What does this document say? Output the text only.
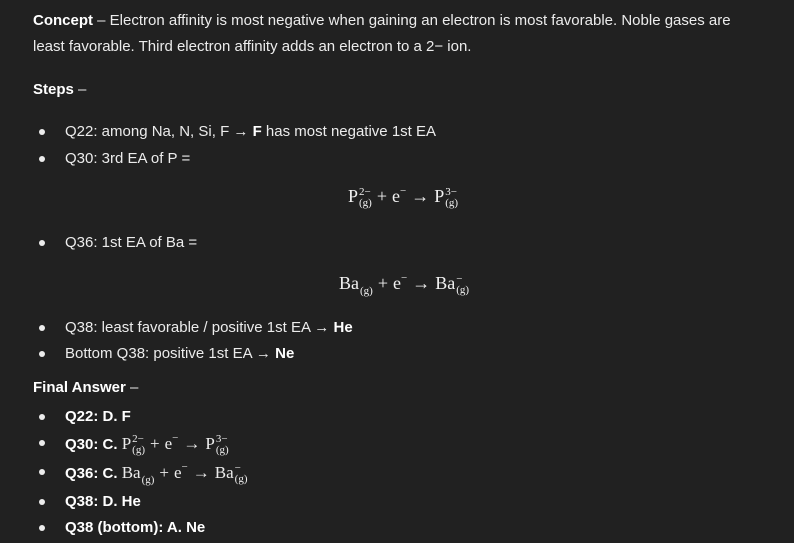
Concept – Electron affinity is most negative when gaining an electron is most favorable. Noble gases are
least favorable. Third electron affinity adds an electron to a 2− ion.
Steps –
Q22: among Na, N, Si, F → F has most negative 1st EA
Q30: 3rd EA of P =
P 2−
(g) + e− → P 3−
(g)
Q36: 1st EA of Ba =
$Ba_{(g)} + e^- \to Ba$ −
(g)
Q38: least favorable / positive 1st EA → He
Bottom Q38: positive 1st EA → Ne
Final Answer –
Q22: D. F
Q30: C. P 2−
(g) + e− → P 3−
(g)
Q36: C. $Ba_{(g)} + e^- \to Ba$ −
(g)
Q38: D. He
Q38 (bottom): A. Ne
